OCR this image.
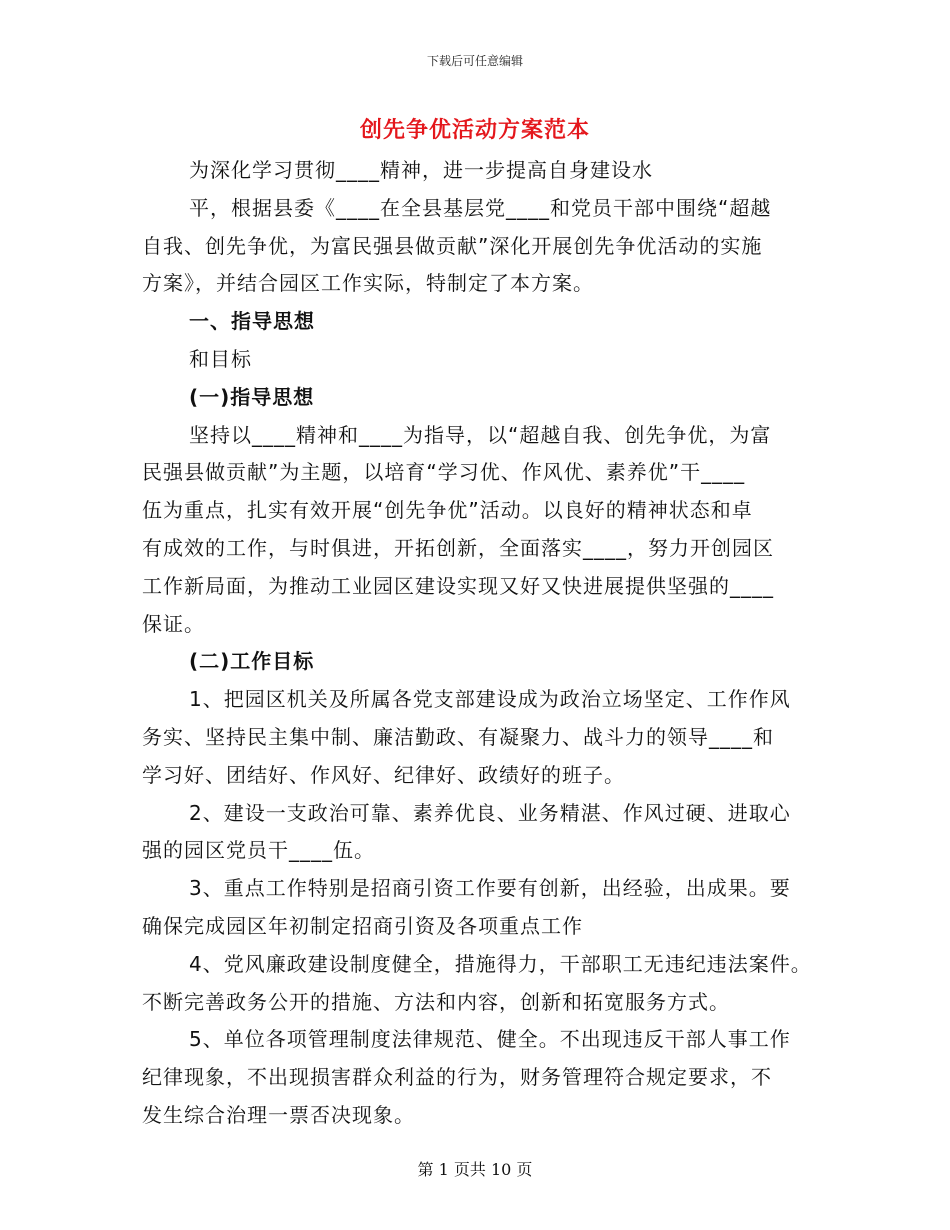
下载后可任意编辑
创先争优活动方案范本
为深化学习贯彻____精神，进一步提高自身建设水
平，根据县委《____在全县基层党____和党员干部中围绕“超越
自我、创先争优，为富民强县做贡献”深化开展创先争优活动的实施
方案》，并结合园区工作实际，特制定了本方案。
一、指导思想
和目标
(一)指导思想
坚持以____精神和____为指导，以“超越自我、创先争优，为富
民强县做贡献”为主题，以培育“学习优、作风优、素养优”干____
伍为重点，扎实有效开展“创先争优”活动。以良好的精神状态和卓
有成效的工作，与时俱进，开拓创新，全面落实____，努力开创园区
工作新局面，为推动工业园区建设实现又好又快进展提供坚强的____
保证。
(二)工作目标
1、把园区机关及所属各党支部建设成为政治立场坚定、工作作风
务实、坚持民主集中制、廉洁勤政、有凝聚力、战斗力的领导____和
学习好、团结好、作风好、纪律好、政绩好的班子。
2、建设一支政治可靠、素养优良、业务精湛、作风过硬、进取心
强的园区党员干____伍。
3、重点工作特别是招商引资工作要有创新，出经验，出成果。要
确保完成园区年初制定招商引资及各项重点工作
4、党风廉政建设制度健全，措施得力，干部职工无违纪违法案件。
不断完善政务公开的措施、方法和内容，创新和拓宽服务方式。
5、单位各项管理制度法律规范、健全。不出现违反干部人事工作
纪律现象，不出现损害群众利益的行为，财务管理符合规定要求，不
发生综合治理一票否决现象。
第 1 页共 10 页
